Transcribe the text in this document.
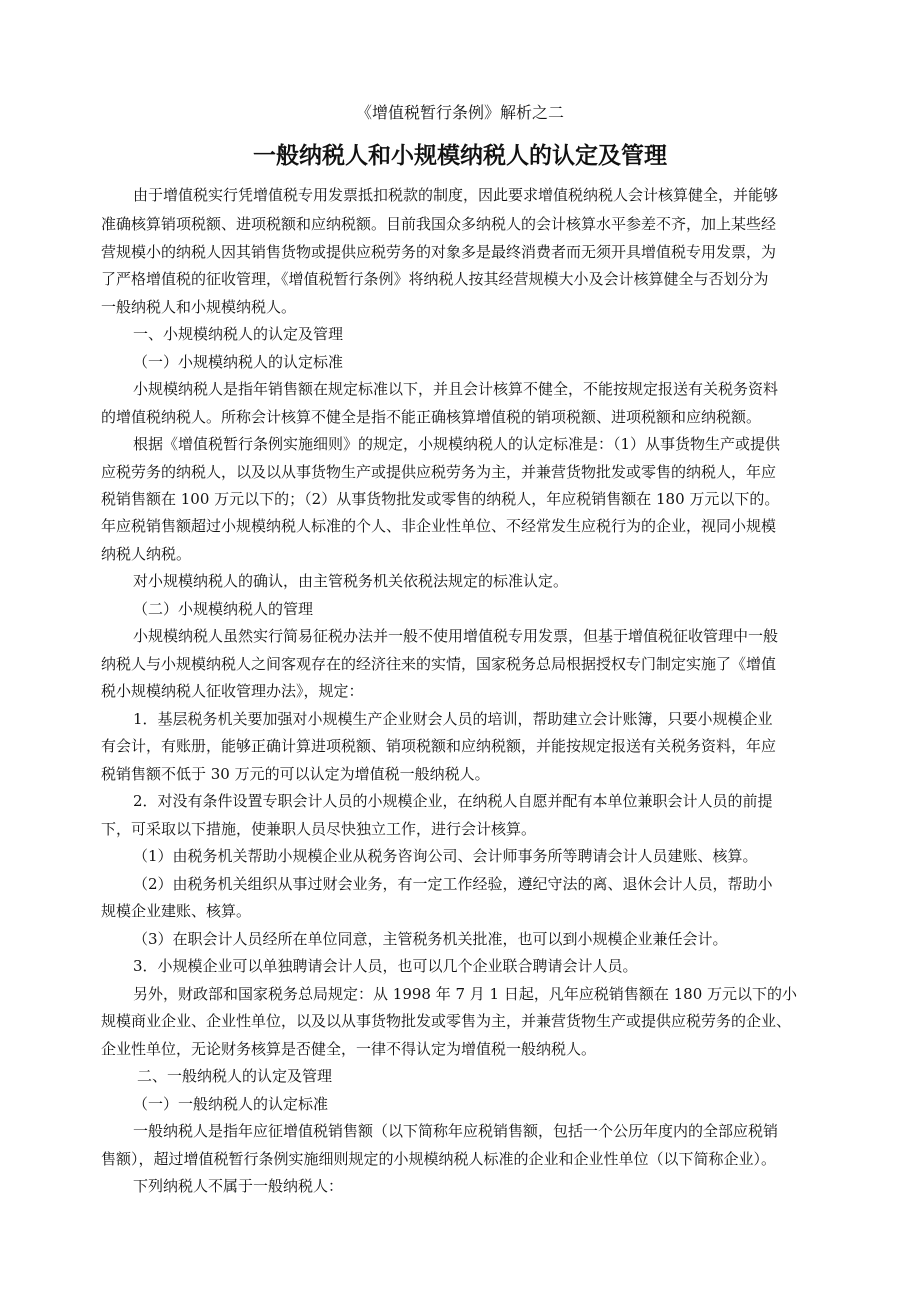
《增值税暂行条例》解析之二
一般纳税人和小规模纳税人的认定及管理
由于增值税实行凭增值税专用发票抵扣税款的制度，因此要求增值税纳税人会计核算健全，并能够
准确核算销项税额、进项税额和应纳税额。目前我国众多纳税人的会计核算水平参差不齐，加上某些经
营规模小的纳税人因其销售货物或提供应税劳务的对象多是最终消费者而无须开具增值税专用发票，为
了严格增值税的征收管理，《增值税暂行条例》将纳税人按其经营规模大小及会计核算健全与否划分为
一般纳税人和小规模纳税人。
一、小规模纳税人的认定及管理
（一）小规模纳税人的认定标准
小规模纳税人是指年销售额在规定标准以下，并且会计核算不健全，不能按规定报送有关税务资料
的增值税纳税人。所称会计核算不健全是指不能正确核算增值税的销项税额、进项税额和应纳税额。
根据《增值税暂行条例实施细则》的规定，小规模纳税人的认定标准是：（1）从事货物生产或提供
应税劳务的纳税人，以及以从事货物生产或提供应税劳务为主，并兼营货物批发或零售的纳税人，年应
税销售额在 100 万元以下的；（2）从事货物批发或零售的纳税人，年应税销售额在 180 万元以下的。
年应税销售额超过小规模纳税人标准的个人、非企业性单位、不经常发生应税行为的企业，视同小规模
纳税人纳税。
对小规模纳税人的确认，由主管税务机关依税法规定的标准认定。
（二）小规模纳税人的管理
小规模纳税人虽然实行简易征税办法并一般不使用增值税专用发票，但基于增值税征收管理中一般
纳税人与小规模纳税人之间客观存在的经济往来的实情，国家税务总局根据授权专门制定实施了《增值
税小规模纳税人征收管理办法》，规定：
1．基层税务机关要加强对小规模生产企业财会人员的培训，帮助建立会计账簿，只要小规模企业
有会计，有账册，能够正确计算进项税额、销项税额和应纳税额，并能按规定报送有关税务资料，年应
税销售额不低于 30 万元的可以认定为增值税一般纳税人。
2．对没有条件设置专职会计人员的小规模企业，在纳税人自愿并配有本单位兼职会计人员的前提
下，可采取以下措施，使兼职人员尽快独立工作，进行会计核算。
（1）由税务机关帮助小规模企业从税务咨询公司、会计师事务所等聘请会计人员建账、核算。
（2）由税务机关组织从事过财会业务，有一定工作经验，遵纪守法的离、退休会计人员，帮助小
规模企业建账、核算。
（3）在职会计人员经所在单位同意，主管税务机关批准，也可以到小规模企业兼任会计。
3．小规模企业可以单独聘请会计人员，也可以几个企业联合聘请会计人员。
另外，财政部和国家税务总局规定：从 1998 年 7 月 1 日起，凡年应税销售额在 180 万元以下的小
规模商业企业、企业性单位，以及以从事货物批发或零售为主，并兼营货物生产或提供应税劳务的企业、
企业性单位，无论财务核算是否健全，一律不得认定为增值税一般纳税人。
二、一般纳税人的认定及管理
（一）一般纳税人的认定标准
一般纳税人是指年应征增值税销售额（以下简称年应税销售额，包括一个公历年度内的全部应税销
售额），超过增值税暂行条例实施细则规定的小规模纳税人标准的企业和企业性单位（以下简称企业）。
下列纳税人不属于一般纳税人：
